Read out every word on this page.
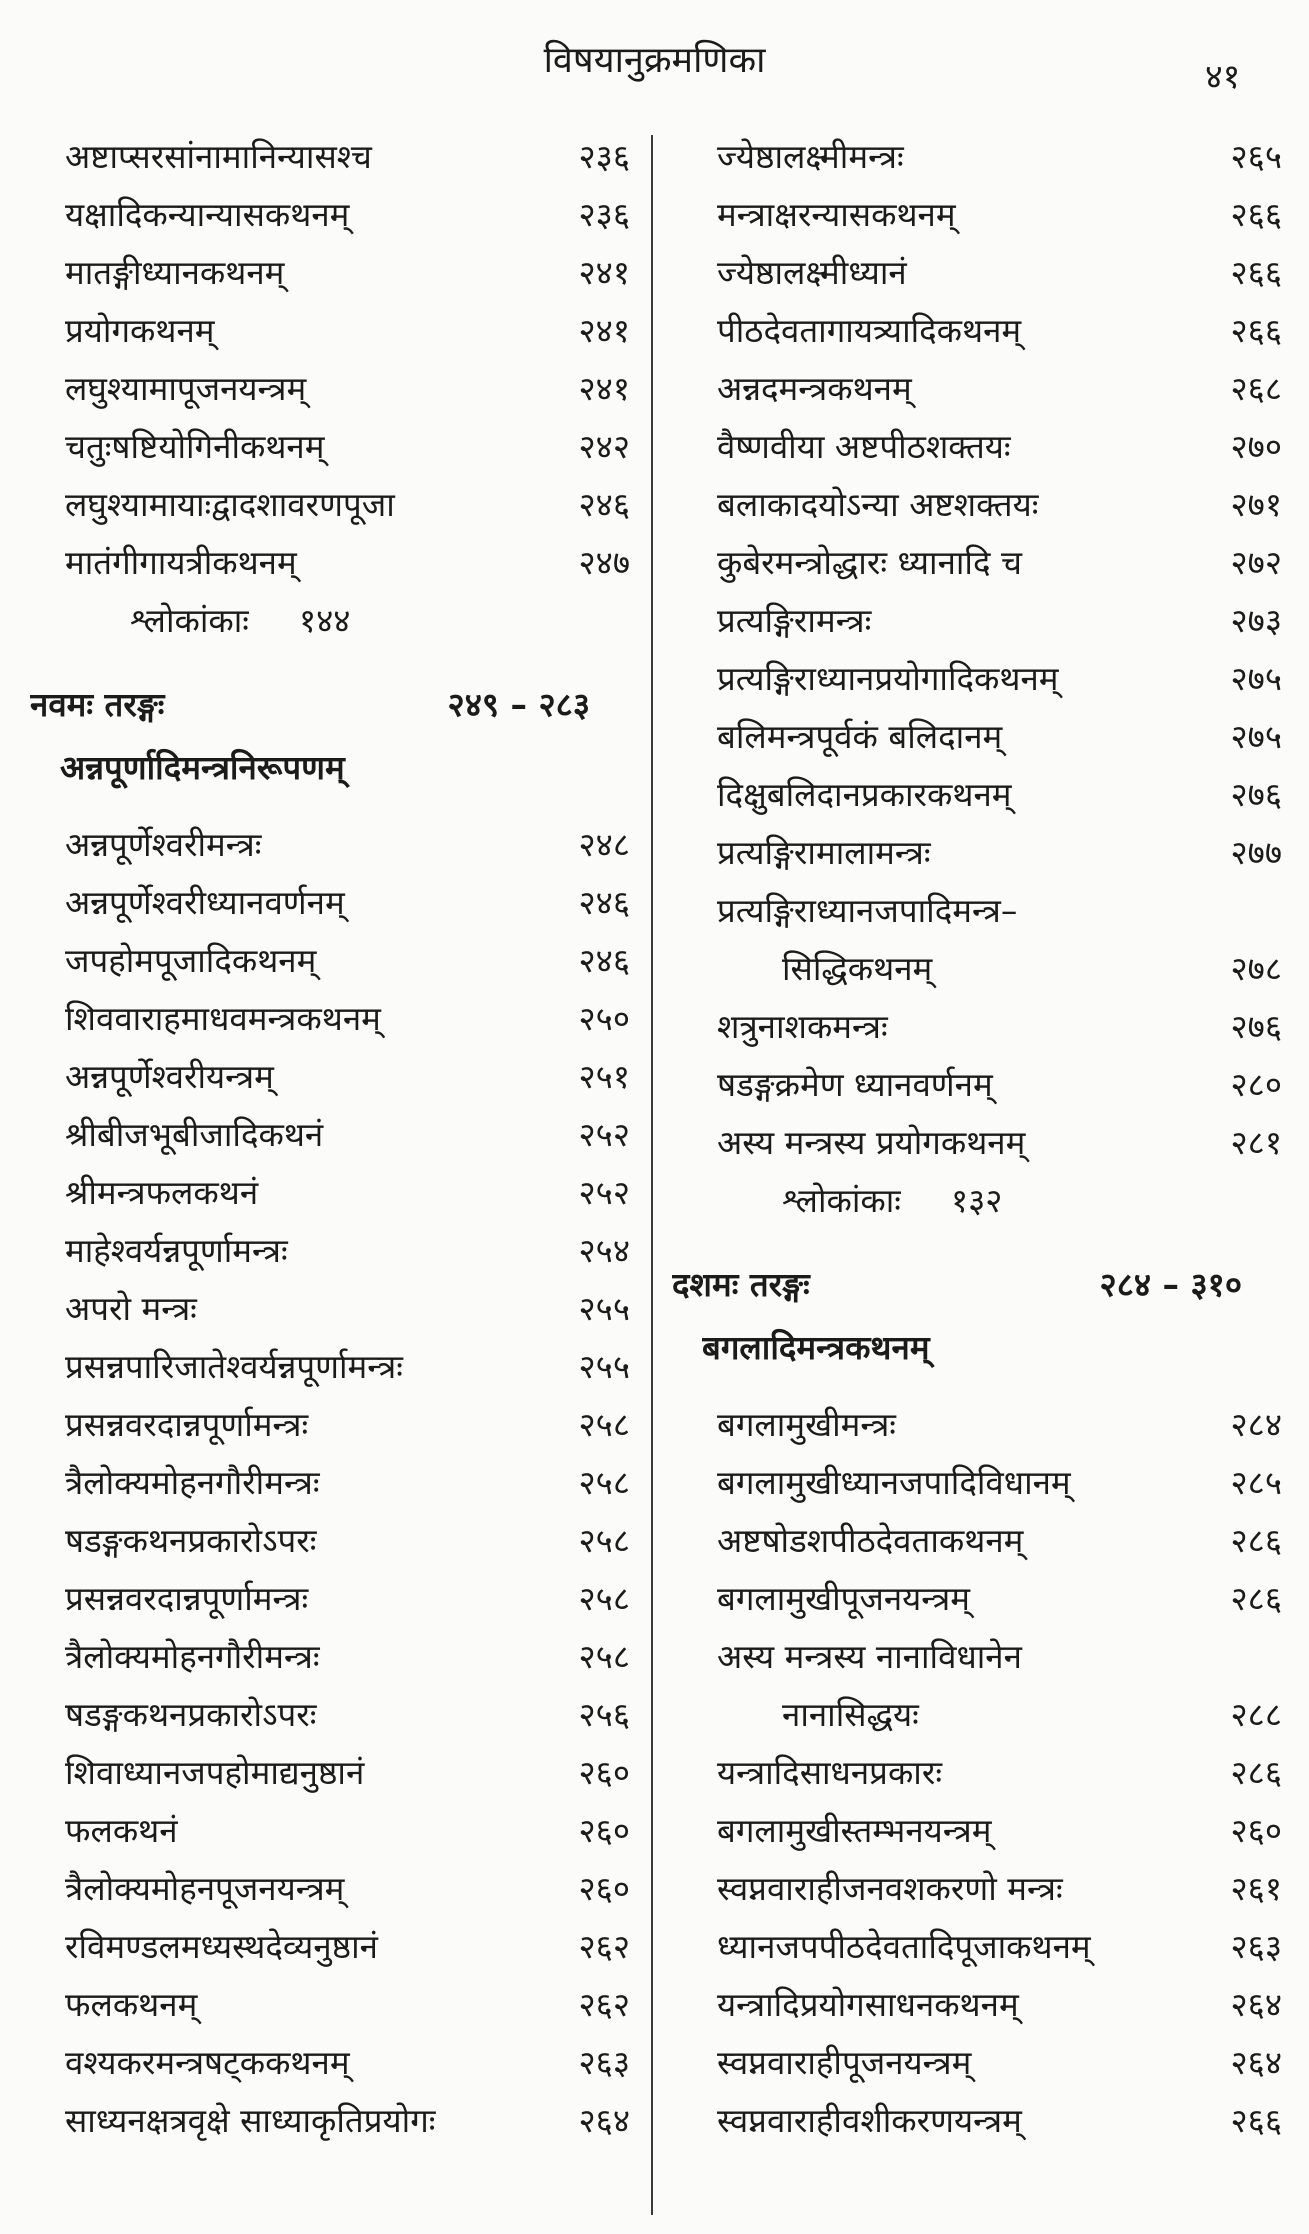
विषयानुक्रमणिका	४१
अष्टाप्सरसांनामानिन्यासश्च	२३६
यक्षादिकन्यान्यासकथनम्	२३६
मातङ्गीध्यानकथनम्	२४१
प्रयोगकथनम्	२४१
लघुश्यामापूजनयन्त्रम्	२४१
चतुःषष्टियोगिनीकथनम्	२४२
लघुश्यामायाःद्वादशावरणपूजा	२४६
मातंगीगायत्रीकथनम्	२४७
श्लोकांकाः १४४
नवमः तरङ्गः	२४९ – २८३
अन्नपूर्णादिमन्त्रनिरूपणम्
अन्नपूर्णेश्वरीमन्त्रः	२४८
अन्नपूर्णेश्वरीध्यानवर्णनम्	२४६
जपहोमपूजादिकथनम्	२४६
शिववाराहमाधवमन्त्रकथनम्	२५०
अन्नपूर्णेश्वरीयन्त्रम्	२५१
श्रीबीजभूबीजादिकथनं	२५२
श्रीमन्त्रफलकथनं	२५२
माहेश्वर्यन्नपूर्णामन्त्रः	२५४
अपरो मन्त्रः	२५५
प्रसन्नपारिजातेश्वर्यन्नपूर्णामन्त्रः	२५५
प्रसन्नवरदान्नपूर्णामन्त्रः	२५८
त्रैलोक्यमोहनगौरीमन्त्रः	२५८
षडङ्गकथनप्रकारोऽपरः	२५८
प्रसन्नवरदान्नपूर्णामन्त्रः	२५८
त्रैलोक्यमोहनगौरीमन्त्रः	२५८
षडङ्गकथनप्रकारोऽपरः	२५६
शिवाध्यानजपहोमाद्यनुष्ठानं	२६०
फलकथनं	२६०
त्रैलोक्यमोहनपूजनयन्त्रम्	२६०
रविमण्डलमध्यस्थदेव्यनुष्ठानं	२६२
फलकथनम्	२६२
वश्यकरमन्त्रषट्ककथनम्	२६३
साध्यनक्षत्रवृक्षे साध्याकृतिप्रयोगः	२६४
ज्येष्ठालक्ष्मीमन्त्रः	२६५
मन्त्राक्षरन्यासकथनम्	२६६
ज्येष्ठालक्ष्मीध्यानं	२६६
पीठदेवतागायत्र्यादिकथनम्	२६६
अन्नदमन्त्रकथनम्	२६८
वैष्णवीया अष्टपीठशक्तयः	२७०
बलाकादयोऽन्या अष्टशक्तयः	२७१
कुबेरमन्त्रोद्धारः ध्यानादि च	२७२
प्रत्यङ्गिरामन्त्रः	२७३
प्रत्यङ्गिराध्यानप्रयोगादिकथनम्	२७५
बलिमन्त्रपूर्वकं बलिदानम्	२७५
दिक्षुबलिदानप्रकारकथनम्	२७६
प्रत्यङ्गिरामालामन्त्रः	२७७
प्रत्यङ्गिराध्यानजपादिमन्त्र–
सिद्धिकथनम्	२७८
शत्रुनाशकमन्त्रः	२७६
षडङ्गक्रमेण ध्यानवर्णनम्	२८०
अस्य मन्त्रस्य प्रयोगकथनम्	२८१
श्लोकांकाः १३२
दशमः तरङ्गः	२८४ – ३१०
बगलादिमन्त्रकथनम्
बगलामुखीमन्त्रः	२८४
बगलामुखीध्यानजपादिविधानम्	२८५
अष्टषोडशपीठदेवताकथनम्	२८६
बगलामुखीपूजनयन्त्रम्	२८६
अस्य मन्त्रस्य नानाविधानेन
नानासिद्धयः	२८८
यन्त्रादिसाधनप्रकारः	२८६
बगलामुखीस्तम्भनयन्त्रम्	२६०
स्वप्नवाराहीजनवशकरणो मन्त्रः	२६१
ध्यानजपपीठदेवतादिपूजाकथनम्	२६३
यन्त्रादिप्रयोगसाधनकथनम्	२६४
स्वप्नवाराहीपूजनयन्त्रम्	२६४
स्वप्नवाराहीवशीकरणयन्त्रम्	२६६
